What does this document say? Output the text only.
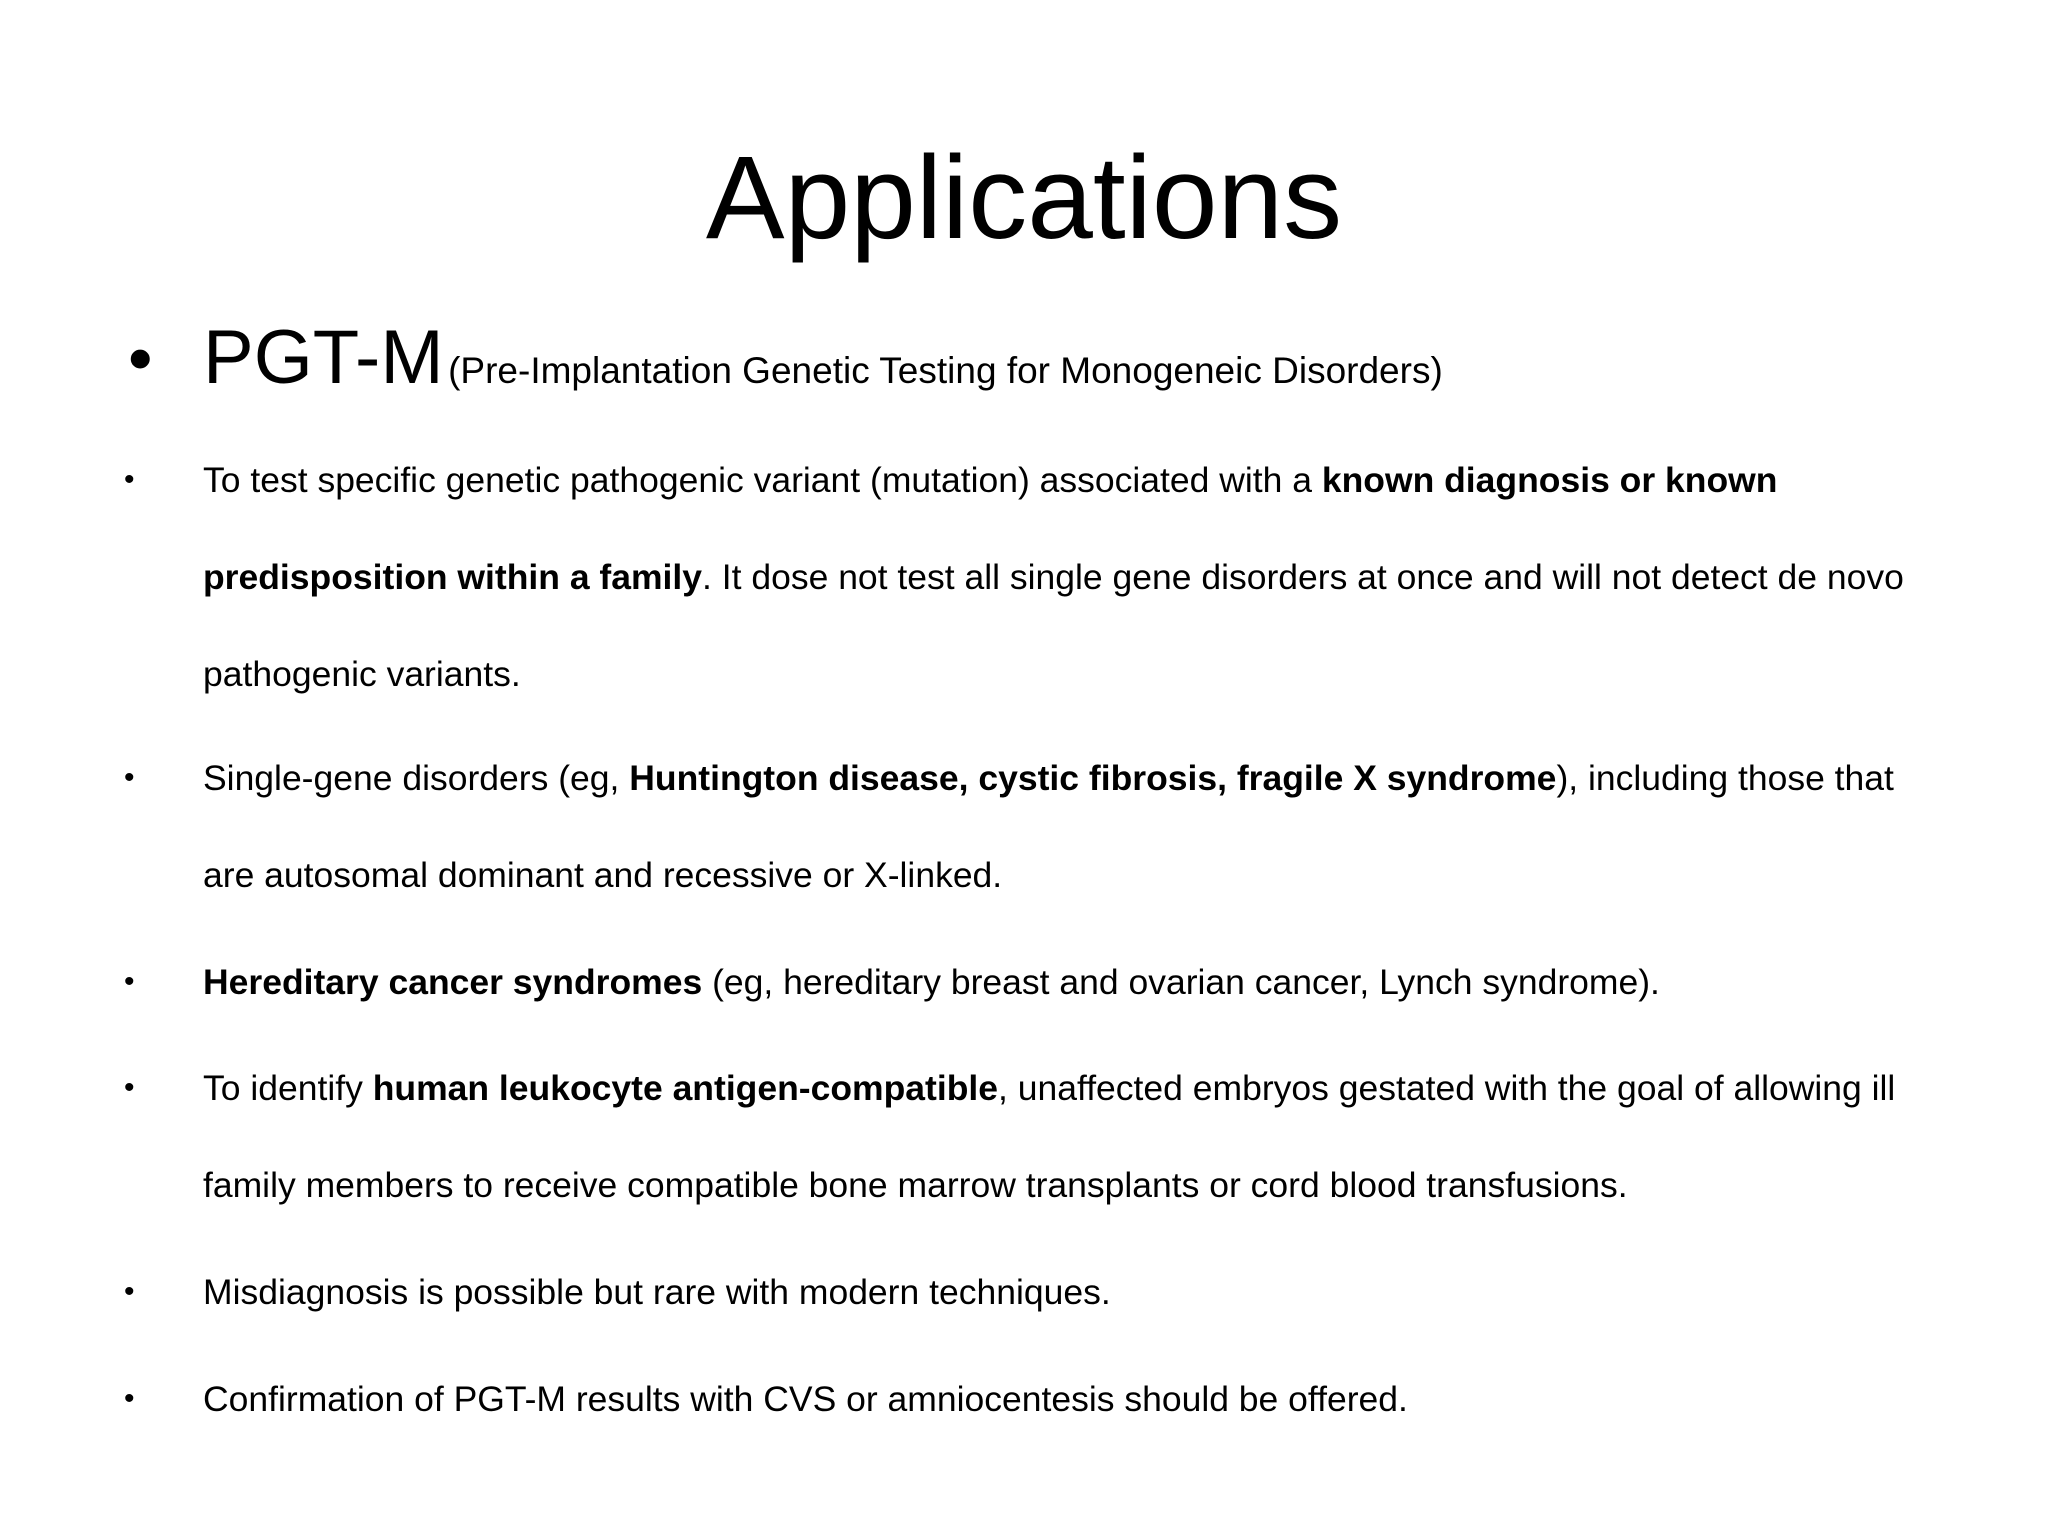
Applications
• PGT-M (Pre-Implantation Genetic Testing for Monogeneic Disorders)
• To test specific genetic pathogenic variant (mutation) associated with a known diagnosis or known predisposition within a family. It dose not test all single gene disorders at once and will not detect de novo pathogenic variants.
• Single-gene disorders (eg, Huntington disease, cystic fibrosis, fragile X syndrome), including those that are autosomal dominant and recessive or X-linked.
• Hereditary cancer syndromes (eg, hereditary breast and ovarian cancer, Lynch syndrome).
• To identify human leukocyte antigen-compatible, unaffected embryos gestated with the goal of allowing ill family members to receive compatible bone marrow transplants or cord blood transfusions.
• Misdiagnosis is possible but rare with modern techniques.
• Confirmation of PGT-M results with CVS or amniocentesis should be offered.
